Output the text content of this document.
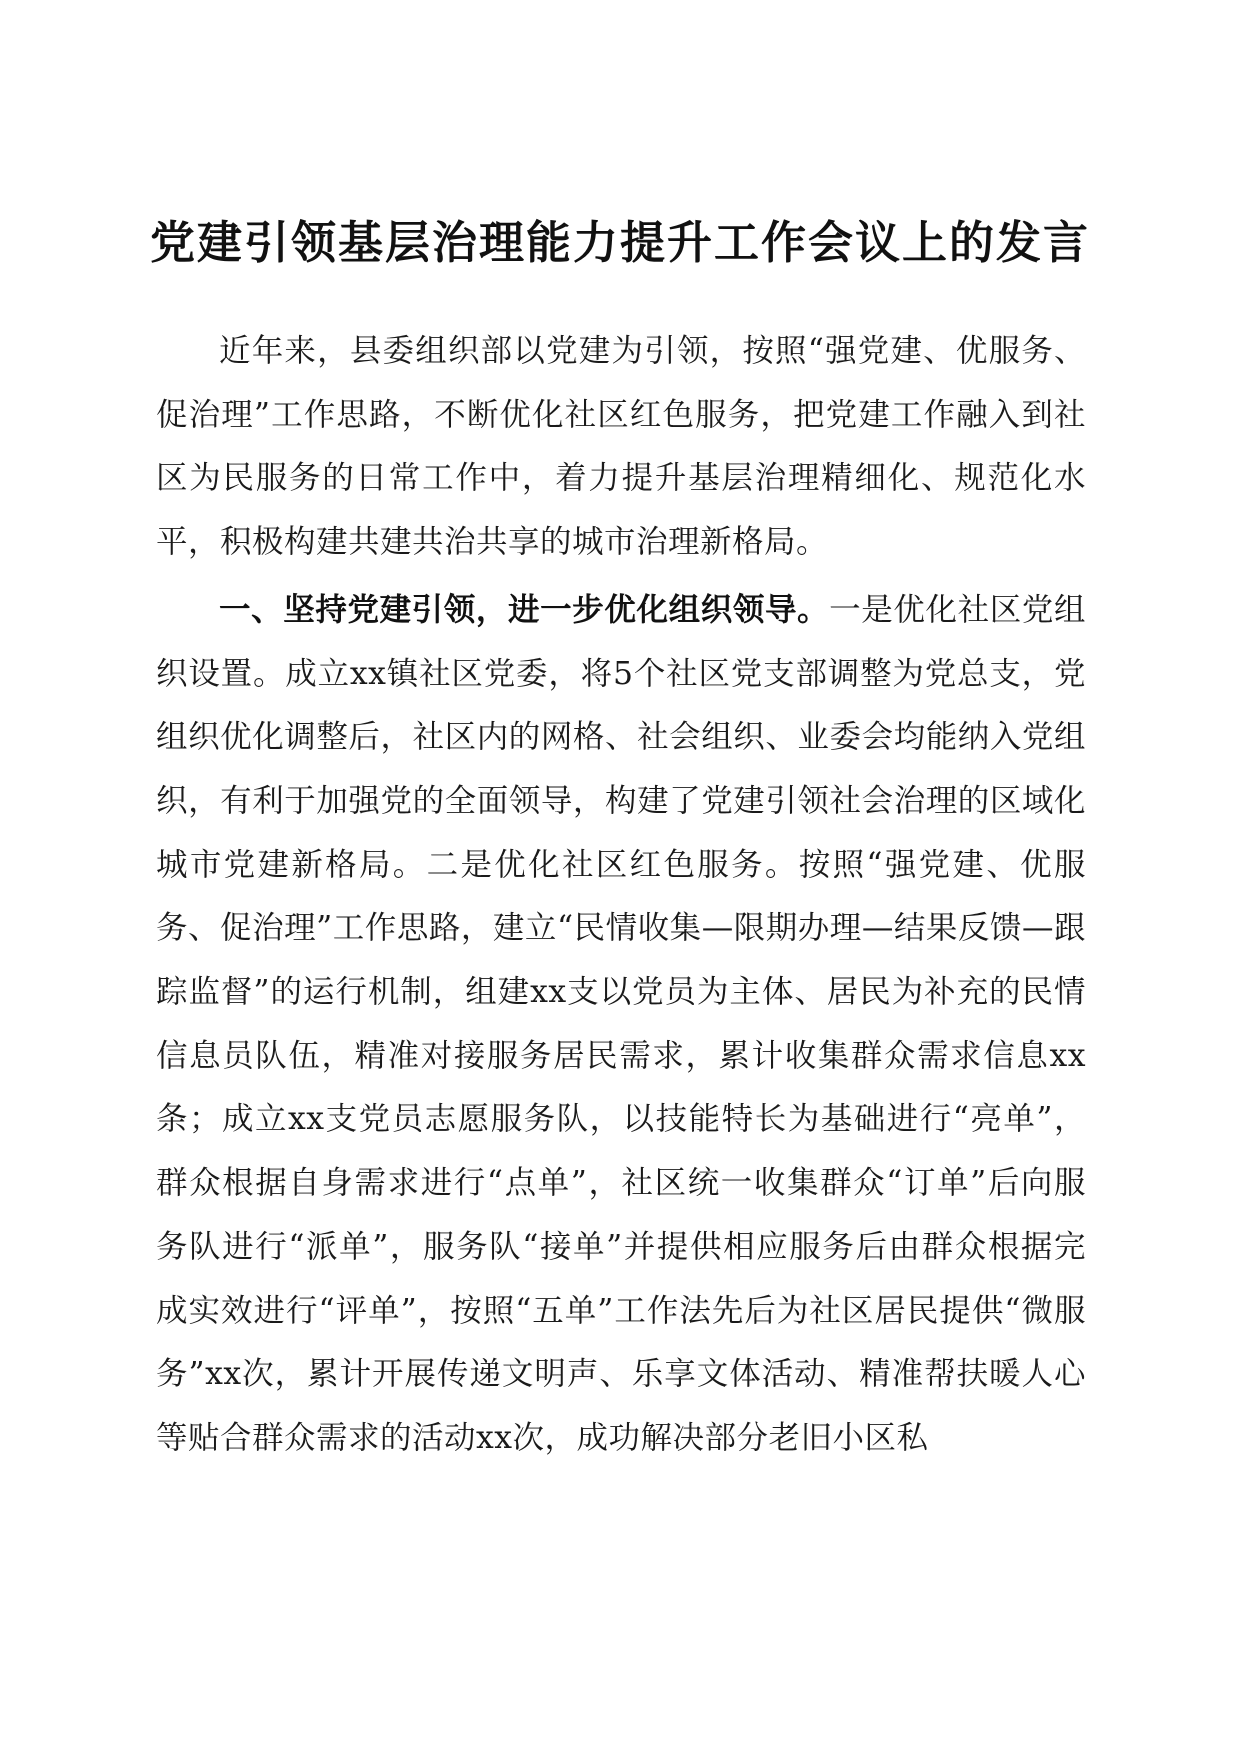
党建引领基层治理能力提升工作会议上的发言

近年来，县委组织部以党建为引领，按照“强党建、优服务、促治理”工作思路，不断优化社区红色服务，把党建工作融入到社区为民服务的日常工作中，着力提升基层治理精细化、规范化水平，积极构建共建共治共享的城市治理新格局。

一、坚持党建引领，进一步优化组织领导。一是优化社区党组织设置。成立xx镇社区党委，将5个社区党支部调整为党总支，党组织优化调整后，社区内的网格、社会组织、业委会均能纳入党组织，有利于加强党的全面领导，构建了党建引领社会治理的区域化城市党建新格局。二是优化社区红色服务。按照“强党建、优服务、促治理”工作思路，建立“民情收集—限期办理—结果反馈—跟踪监督”的运行机制，组建xx支以党员为主体、居民为补充的民情信息员队伍，精准对接服务居民需求，累计收集群众需求信息xx条；成立xx支党员志愿服务队，以技能特长为基础进行“亮单”，群众根据自身需求进行“点单”，社区统一收集群众“订单”后向服务队进行“派单”，服务队“接单”并提供相应服务后由群众根据完成实效进行“评单”，按照“五单”工作法先后为社区居民提供“微服务”xx次，累计开展传递文明声、乐享文体活动、精准帮扶暖人心等贴合群众需求的活动xx次，成功解决部分老旧小区私
